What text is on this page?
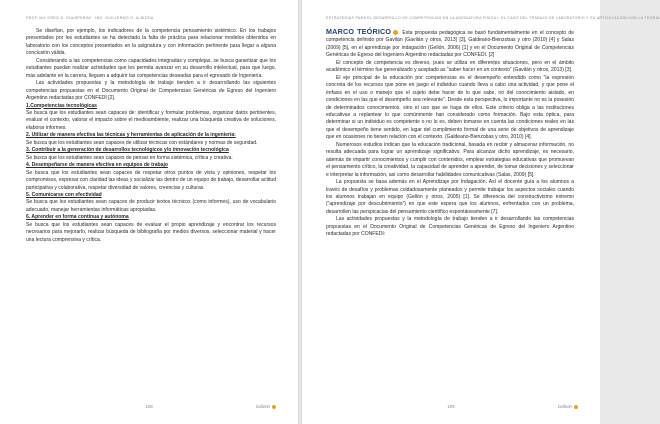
PROF. MIL GREG D. GUASPERINI · ING. GUILLERMO D. ALBIZZIA

Se diseñan, por ejemplo, los indicadores de la competencia pensamiento sistémico. En los trabajos presentados por los estudiantes se ha detectado la falta de práctica para relacionar modelos obtenidos en laboratorio con los conceptos presentados en la asignatura y con información pertinente para llegar a alguna conclusión válida.

Considerando a las competencias como capacidades integradas y complejas, se busca garantizar que los estudiantes puedan realizar actividades que les permita avanzar en su desarrollo intelectual, para que luego, más adelante en la carrera, lleguen a adquirir las competencias deseadas para el egresado de Ingeniería.

Las actividades propuestas y la metodología de trabajo tienden a ir desarrollando las siguientes competencias propuestas en el Documento Original de Competencias Genéricas de Egreso del Ingeniero Argentino redactadas por CONFEDI [2].

1.Competencias tecnológicas

Se busca que los estudiantes sean capaces de: identificar y formular problemas, organizar datos pertinentes, evaluar el contexto, valorar el impacto sobre el medioambiente, realizar una búsqueda creativa de soluciones, elaborar informes.

2. Utilizar de manera efectiva las técnicas y herramientas de aplicación de la ingeniería:

Se busca que los estudiantes sean capaces de utilizar técnicas con estándares y normas de seguridad.

3. Contribuir a la generación de desarrollos tecnológicos y/o innovación tecnológica

Se busca que los estudiantes sean capaces de pensar en forma sistémica, crítica y creativa.

4. Desempeñarse de manera efectiva en equipos de trabajo

Se busca que los estudiantes sean capaces de respetar otros puntos de vista y opiniones, respetar los compromisos, expresar con claridad las ideas y socializar las dentro de un equipo de trabajo, desarrollar actitud participativa y colaborativa, respetar diversidad de valores, creencias y culturas.

5. Comunicarse con efectividad

Se busca que los estudiantes sean capaces de producir textos técnicos (como informes), uso de vocabulario adecuado, manejar herramientas informáticas apropiadas.

6. Aprender en forma continua y autónoma

Se busca que los estudiantes sean capaces de evaluar el propio aprendizaje y encontrar los recursos necesarios para mejorarlo, realizar búsqueda de bibliografía por medios diversos, seleccionar material y hacer una lectura comprensiva y crítica.

108	bulletin
ESTRATEGIAS PARA EL DESARROLLO DE COMPETENCIAS EN LA ASIGNATURA FÍSICA I: EL CASO DEL TRABAJO DE LABORATORIO Y SU ARTICULACIÓN CON LA TEORÍA

MARCO TEÓRICO Esta propuesta pedagógica se basó fundamentalmente en el concepto de competencia definido por Gavilán (Gavilán y otros, 2013) [3], Galdeano-Bienzobas y otro (2010) [4] y Salas (2009) [5], en el aprendizaje por indagación (Gellón, 2006) [1] y en el Documento Original de Competencias Genéricas de Egreso del Ingeniero Argentino redactadas por CONFEDI. [2]

El concepto de competencia es diverso, pues se utiliza en diferentes situaciones, pero en el ámbito académico el término fue generalizado y aceptado as “saber hacer en un contexto” (Gavilán y otros, 2013) [3].

El eje principal de la educación por competencias es el desempeño entendido como “la expresión concreta de los recursos que pone en juego el individuo cuando lleva a cabo una actividad, y que pone el énfasis en el uso o manejo que el sujeto debe hacer de lo que sabe, no del conocimiento aislado, en condiciones en las que el desempeño sea relevante”. Desde esta perspectiva, lo importante no es la posesión de determinados conocimientos, sino el uso que se haga de ellos. Este criterio obliga a las instituciones educativas a replantear lo que comúnmente han considerado como formación. Bajo esta óptica, para determinar si un individuo es competente o no lo es, deben tomarse en cuenta las condiciones reales en las que el desempeño tiene sentido, en lugar del cumplimiento formal de una serie de objetivos de aprendizaje que en ocasiones no tienen relación con el contexto. (Galdeano-Bienzobas y otro, 2010) [4].

Numerosos estudios indican que la educación tradicional, basada en recibir y almacenar información, no resulta adecuada para lograr un aprendizaje significativo. Para alcanzar dicho aprendizaje, es necesario, además de impartir conocimientos y cumplir con contenidos, emplear estrategias educativas que promuevan el pensamiento crítico, la creatividad, la capacidad de aprender a aprender, de tomar decisiones y seleccionar e interpretar la información, así como desarrollar habilidades comunicativas (Salas, 2009) [5].

La propuesta se basa además en el Aprendizaje por Indagación. Así el docente guía a los alumnos a través de desafíos y problemas cuidadosamente planeados y permite trabajar los aspectos sociales cuando los alumnos trabajan en equipo (Gellón y otros, 2005) [1]. Se diferencia del constructivismo extremo (“aprendizaje por descubrimiento”) en que este espera que los alumnos, enfrentados con un problema, desarrollen las perspicacias del pensamiento científico espontáneamente [7].

Las actividades propuestas y la metodología de trabajo tienden a ir desarrollando las competencias propuestas en el Documento Original de Competencias Genéricas de Egreso del Ingeniero Argentino redactadas por CONFEDI:

109	bulletin
